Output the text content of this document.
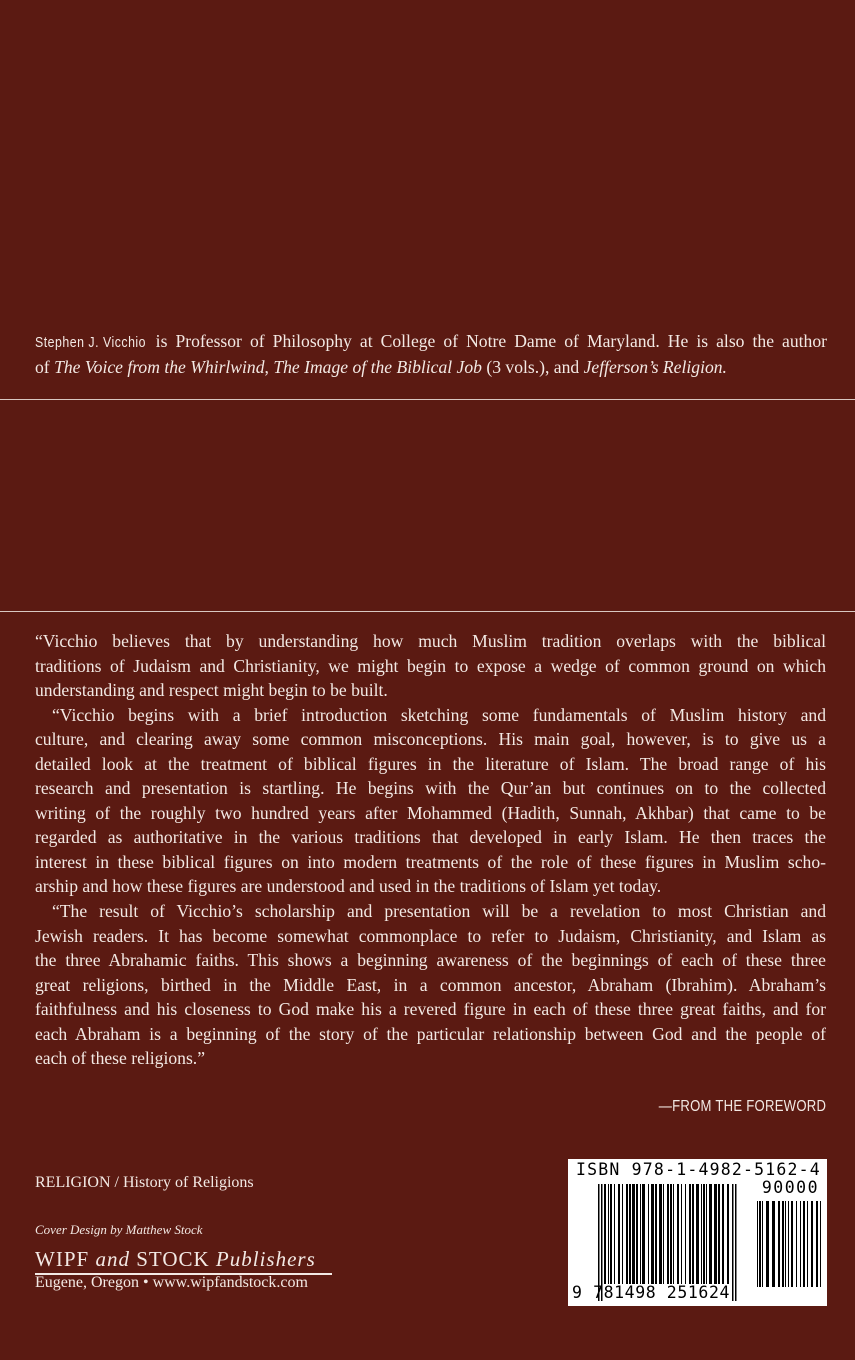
Stephen J. Vicchio is Professor of Philosophy at College of Notre Dame of Maryland. He is also the author
of The Voice from the Whirlwind, The Image of the Biblical Job (3 vols.), and Jefferson’s Religion.
“Vicchio believes that by understanding how much Muslim tradition overlaps with the biblical
traditions of Judaism and Christianity, we might begin to expose a wedge of common ground on which
understanding and respect might begin to be built.
“Vicchio begins with a brief introduction sketching some fundamentals of Muslim history and
culture, and clearing away some common misconceptions. His main goal, however, is to give us a
detailed look at the treatment of biblical figures in the literature of Islam. The broad range of his
research and presentation is startling. He begins with the Qur’an but continues on to the collected
writing of the roughly two hundred years after Mohammed (Hadith, Sunnah, Akhbar) that came to be
regarded as authoritative in the various traditions that developed in early Islam. He then traces the
interest in these biblical figures on into modern treatments of the role of these figures in Muslim scho-
arship and how these figures are understood and used in the traditions of Islam yet today.
“The result of Vicchio’s scholarship and presentation will be a revelation to most Christian and
Jewish readers. It has become somewhat commonplace to refer to Judaism, Christianity, and Islam as
the three Abrahamic faiths. This shows a beginning awareness of the beginnings of each of these three
great religions, birthed in the Middle East, in a common ancestor, Abraham (Ibrahim). Abraham’s
faithfulness and his closeness to God make his a revered figure in each of these three great faiths, and for
each Abraham is a beginning of the story of the particular relationship between God and the people of
each of these religions.”
—FROM THE FOREWORD
RELIGION / History of Religions
Cover Design by Matthew Stock
WIPF and STOCK Publishers
Eugene, Oregon • www.wipfandstock.com
ISBN 978-1-4982-5162-4
90000
9 781498 251624
